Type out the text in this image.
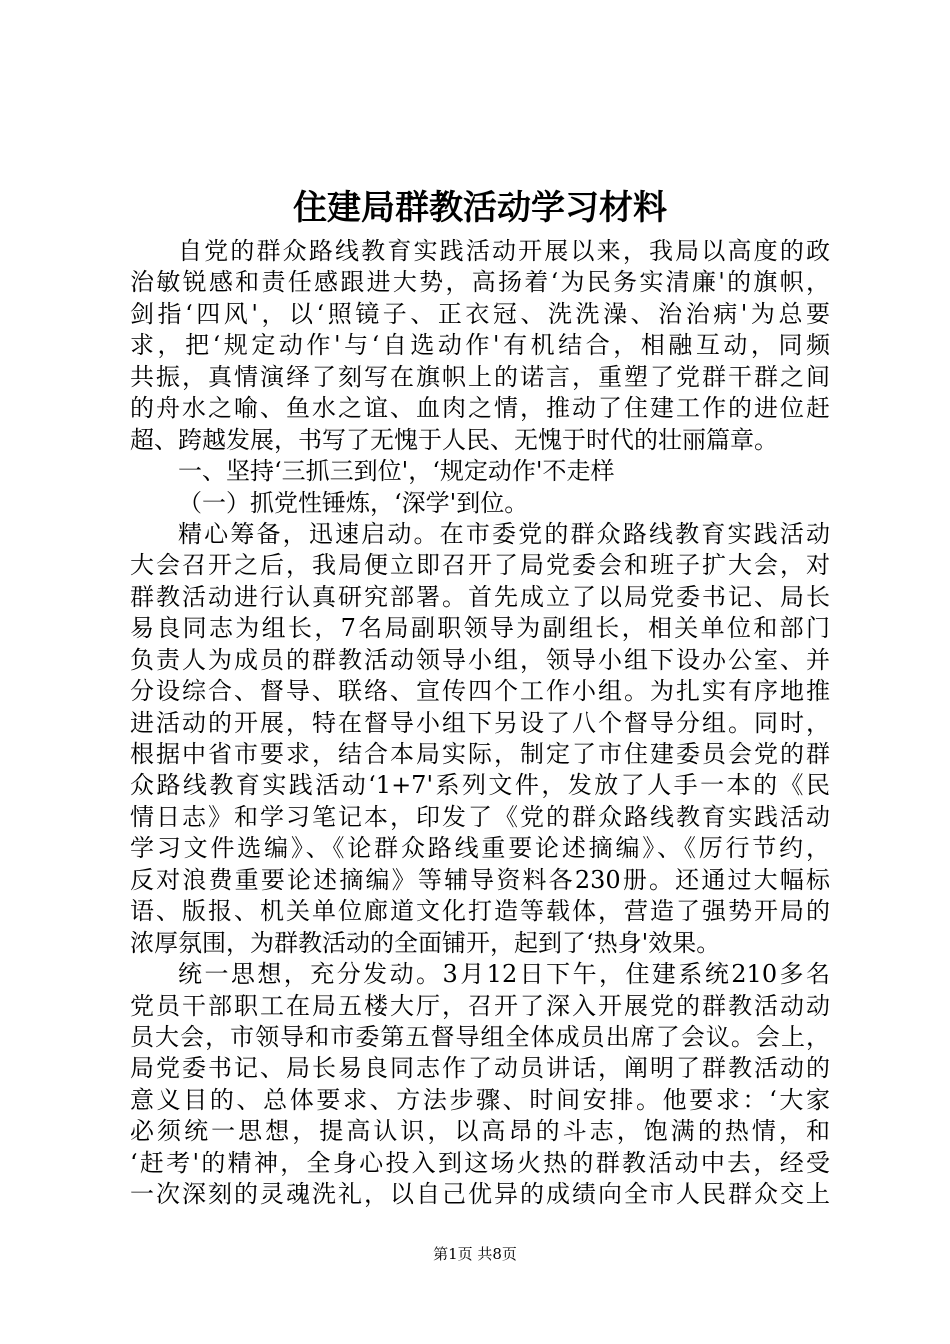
住建局群教活动学习材料
自党的群众路线教育实践活动开展以来，我局以高度的政
治敏锐感和责任感跟进大势，高扬着‘为民务实清廉'的旗帜，
剑指‘四风'，以‘照镜子、正衣冠、洗洗澡、治治病'为总要
求，把‘规定动作'与‘自选动作'有机结合，相融互动，同频
共振，真情演绎了刻写在旗帜上的诺言，重塑了党群干群之间
的舟水之喻、鱼水之谊、血肉之情，推动了住建工作的进位赶
超、跨越发展，书写了无愧于人民、无愧于时代的壮丽篇章。
一、坚持‘三抓三到位'，‘规定动作'不走样
（一）抓党性锤炼，‘深学'到位。
精心筹备，迅速启动。在市委党的群众路线教育实践活动
大会召开之后，我局便立即召开了局党委会和班子扩大会，对
群教活动进行认真研究部署。首先成立了以局党委书记、局长
易良同志为组长，7名局副职领导为副组长，相关单位和部门
负责人为成员的群教活动领导小组，领导小组下设办公室、并
分设综合、督导、联络、宣传四个工作小组。为扎实有序地推
进活动的开展，特在督导小组下另设了八个督导分组。同时，
根据中省市要求，结合本局实际，制定了市住建委员会党的群
众路线教育实践活动‘1+7'系列文件，发放了人手一本的《民
情日志》和学习笔记本，印发了《党的群众路线教育实践活动
学习文件选编》、《论群众路线重要论述摘编》、《厉行节约，
反对浪费重要论述摘编》等辅导资料各230册。还通过大幅标
语、版报、机关单位廊道文化打造等载体，营造了强势开局的
浓厚氛围，为群教活动的全面铺开，起到了‘热身'效果。
统一思想，充分发动。3月12日下午，住建系统210多名
党员干部职工在局五楼大厅，召开了深入开展党的群教活动动
员大会，市领导和市委第五督导组全体成员出席了会议。会上，
局党委书记、局长易良同志作了动员讲话，阐明了群教活动的
意义目的、总体要求、方法步骤、时间安排。他要求：‘大家
必须统一思想，提高认识，以高昂的斗志，饱满的热情，和
‘赶考'的精神，全身心投入到这场火热的群教活动中去，经受
一次深刻的灵魂洗礼，以自己优异的成绩向全市人民群众交上
第1页 共8页
